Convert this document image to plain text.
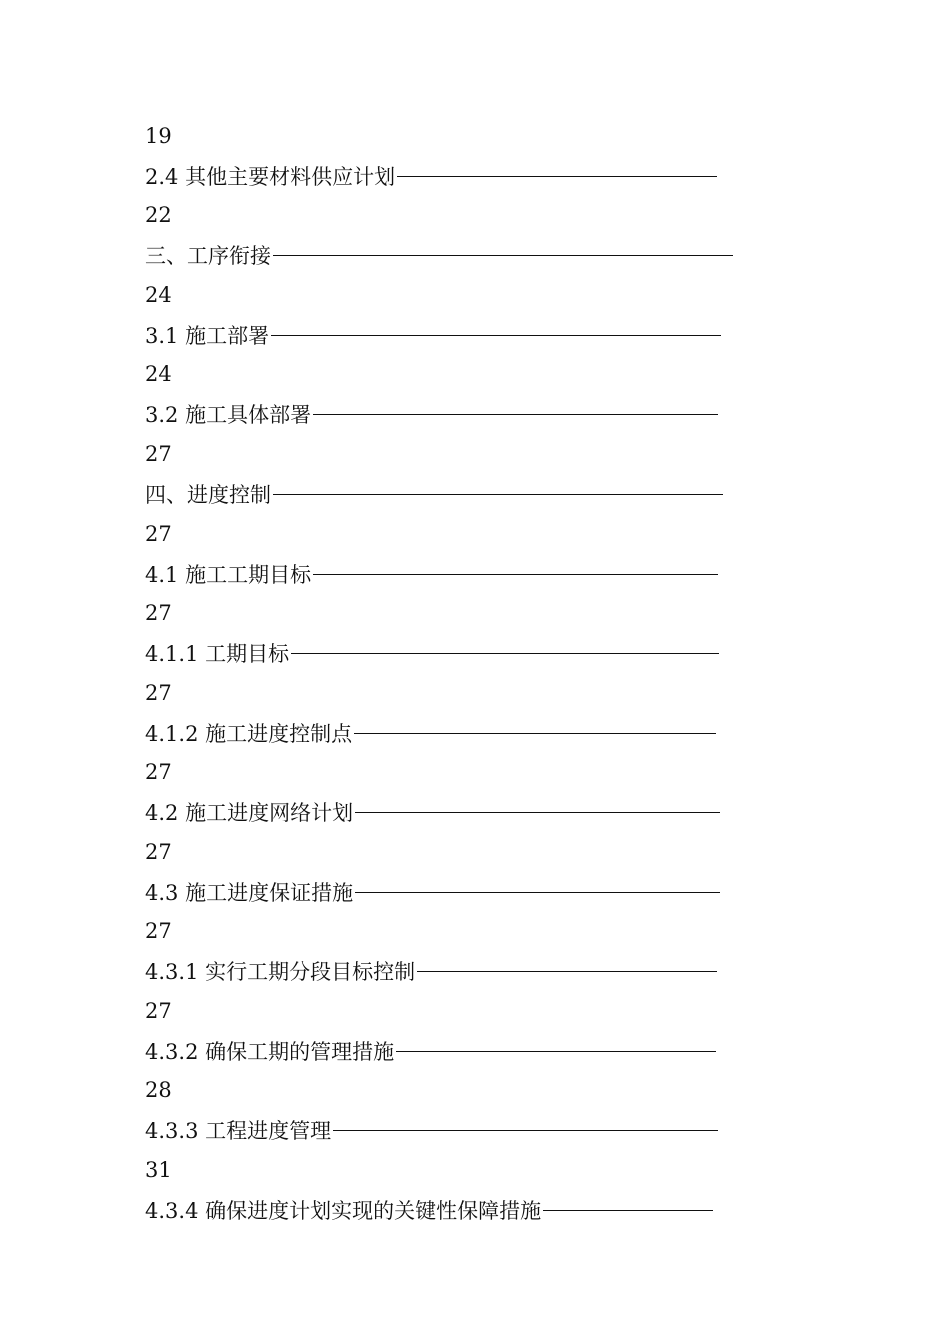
19
2.4 其他主要材料供应计划
22
三、工序衔接
24
3.1 施工部署
24
3.2 施工具体部署
27
四、进度控制
27
4.1 施工工期目标
27
4.1.1 工期目标
27
4.1.2 施工进度控制点
27
4.2 施工进度网络计划
27
4.3 施工进度保证措施
27
4.3.1 实行工期分段目标控制
27
4.3.2 确保工期的管理措施
28
4.3.3 工程进度管理
31
4.3.4 确保进度计划实现的关键性保障措施
